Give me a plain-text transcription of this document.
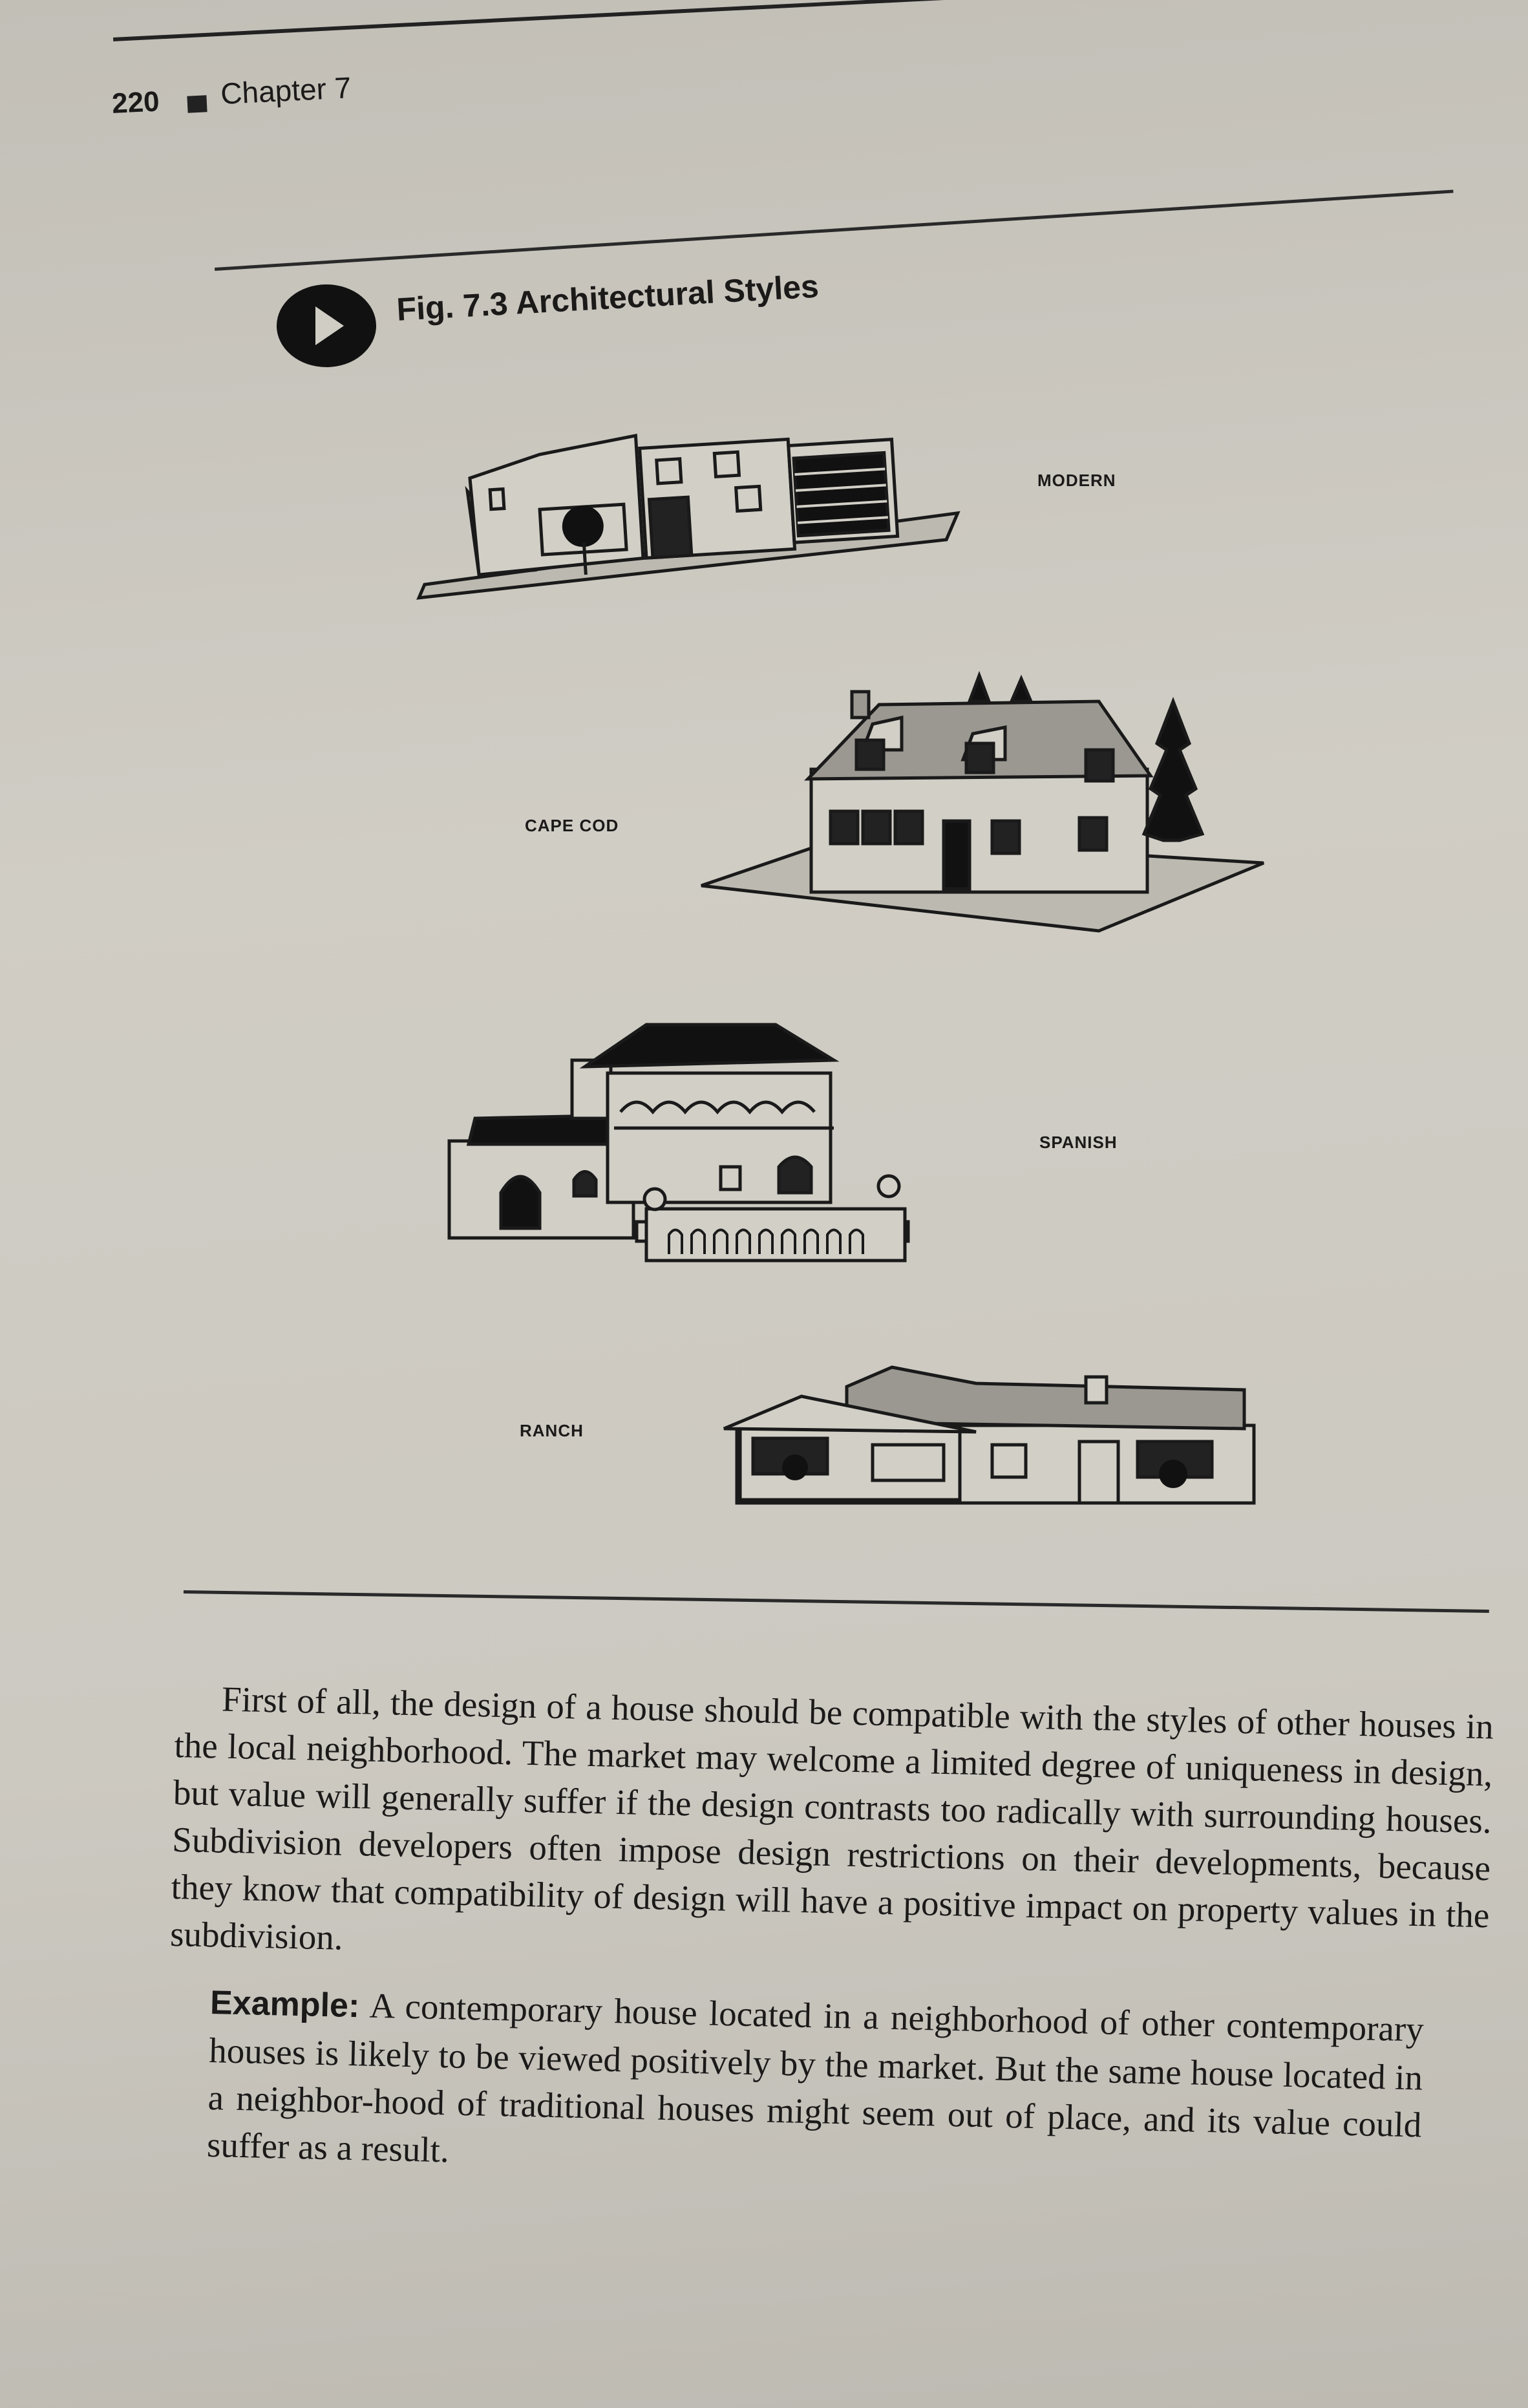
220 Chapter 7
Fig. 7.3 Architectural Styles
MODERN
CAPE COD
SPANISH
RANCH
First of all, the design of a house should be compatible with the styles of other houses in the local neighborhood. The market may welcome a limited degree of uniqueness in design, but value will generally suffer if the design contrasts too radically with surrounding houses. Subdivision developers often impose design restrictions on their developments, because they know that compatibility of design will have a positive impact on property values in the subdivision.
Example: A contemporary house located in a neighborhood of other contemporary houses is likely to be viewed positively by the market. But the same house located in a neighbor-hood of traditional houses might seem out of place, and its value could suffer as a result.
